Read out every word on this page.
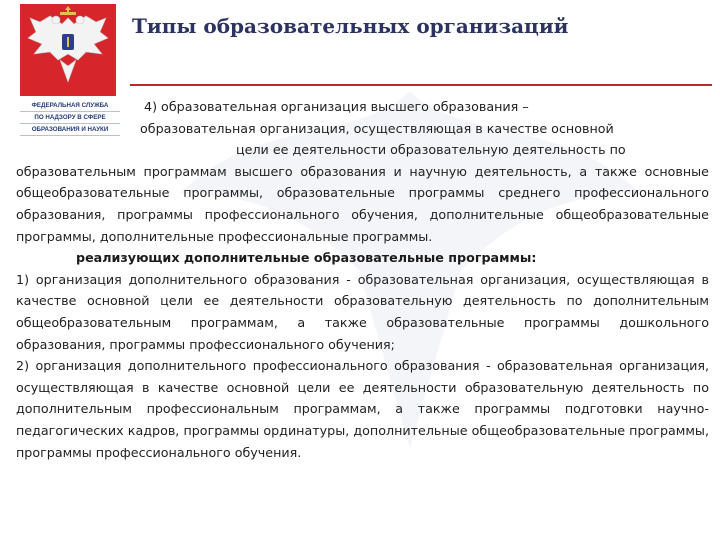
ФЕДЕРАЛЬНАЯ СЛУЖБА
ПО НАДЗОРУ В СФЕРЕ
ОБРАЗОВАНИЯ И НАУКИ
Типы образовательных организаций

4) образовательная организация высшего образования –

образовательная организация, осуществляющая в качестве основной

цели ее деятельности образовательную деятельность по

образовательным программам высшего образования и научную деятельность, а также основные общеобразовательные программы, образовательные программы среднего профессионального образования, программы профессионального обучения, дополнительные общеобразовательные программы, дополнительные профессиональные программы.

реализующих дополнительные образовательные программы:

1) организация дополнительного образования - образовательная организация, осуществляющая в качестве основной цели ее деятельности образовательную деятельность по дополнительным общеобразовательным программам, а также образовательные программы дошкольного образования, программы профессионального обучения;

2) организация дополнительного профессионального образования - образовательная организация, осуществляющая в качестве основной цели ее деятельности образовательную деятельность по дополнительным профессиональным программам, а также программы подготовки научно-педагогических кадров, программы ординатуры, дополнительные общеобразовательные программы, программы профессионального обучения.
